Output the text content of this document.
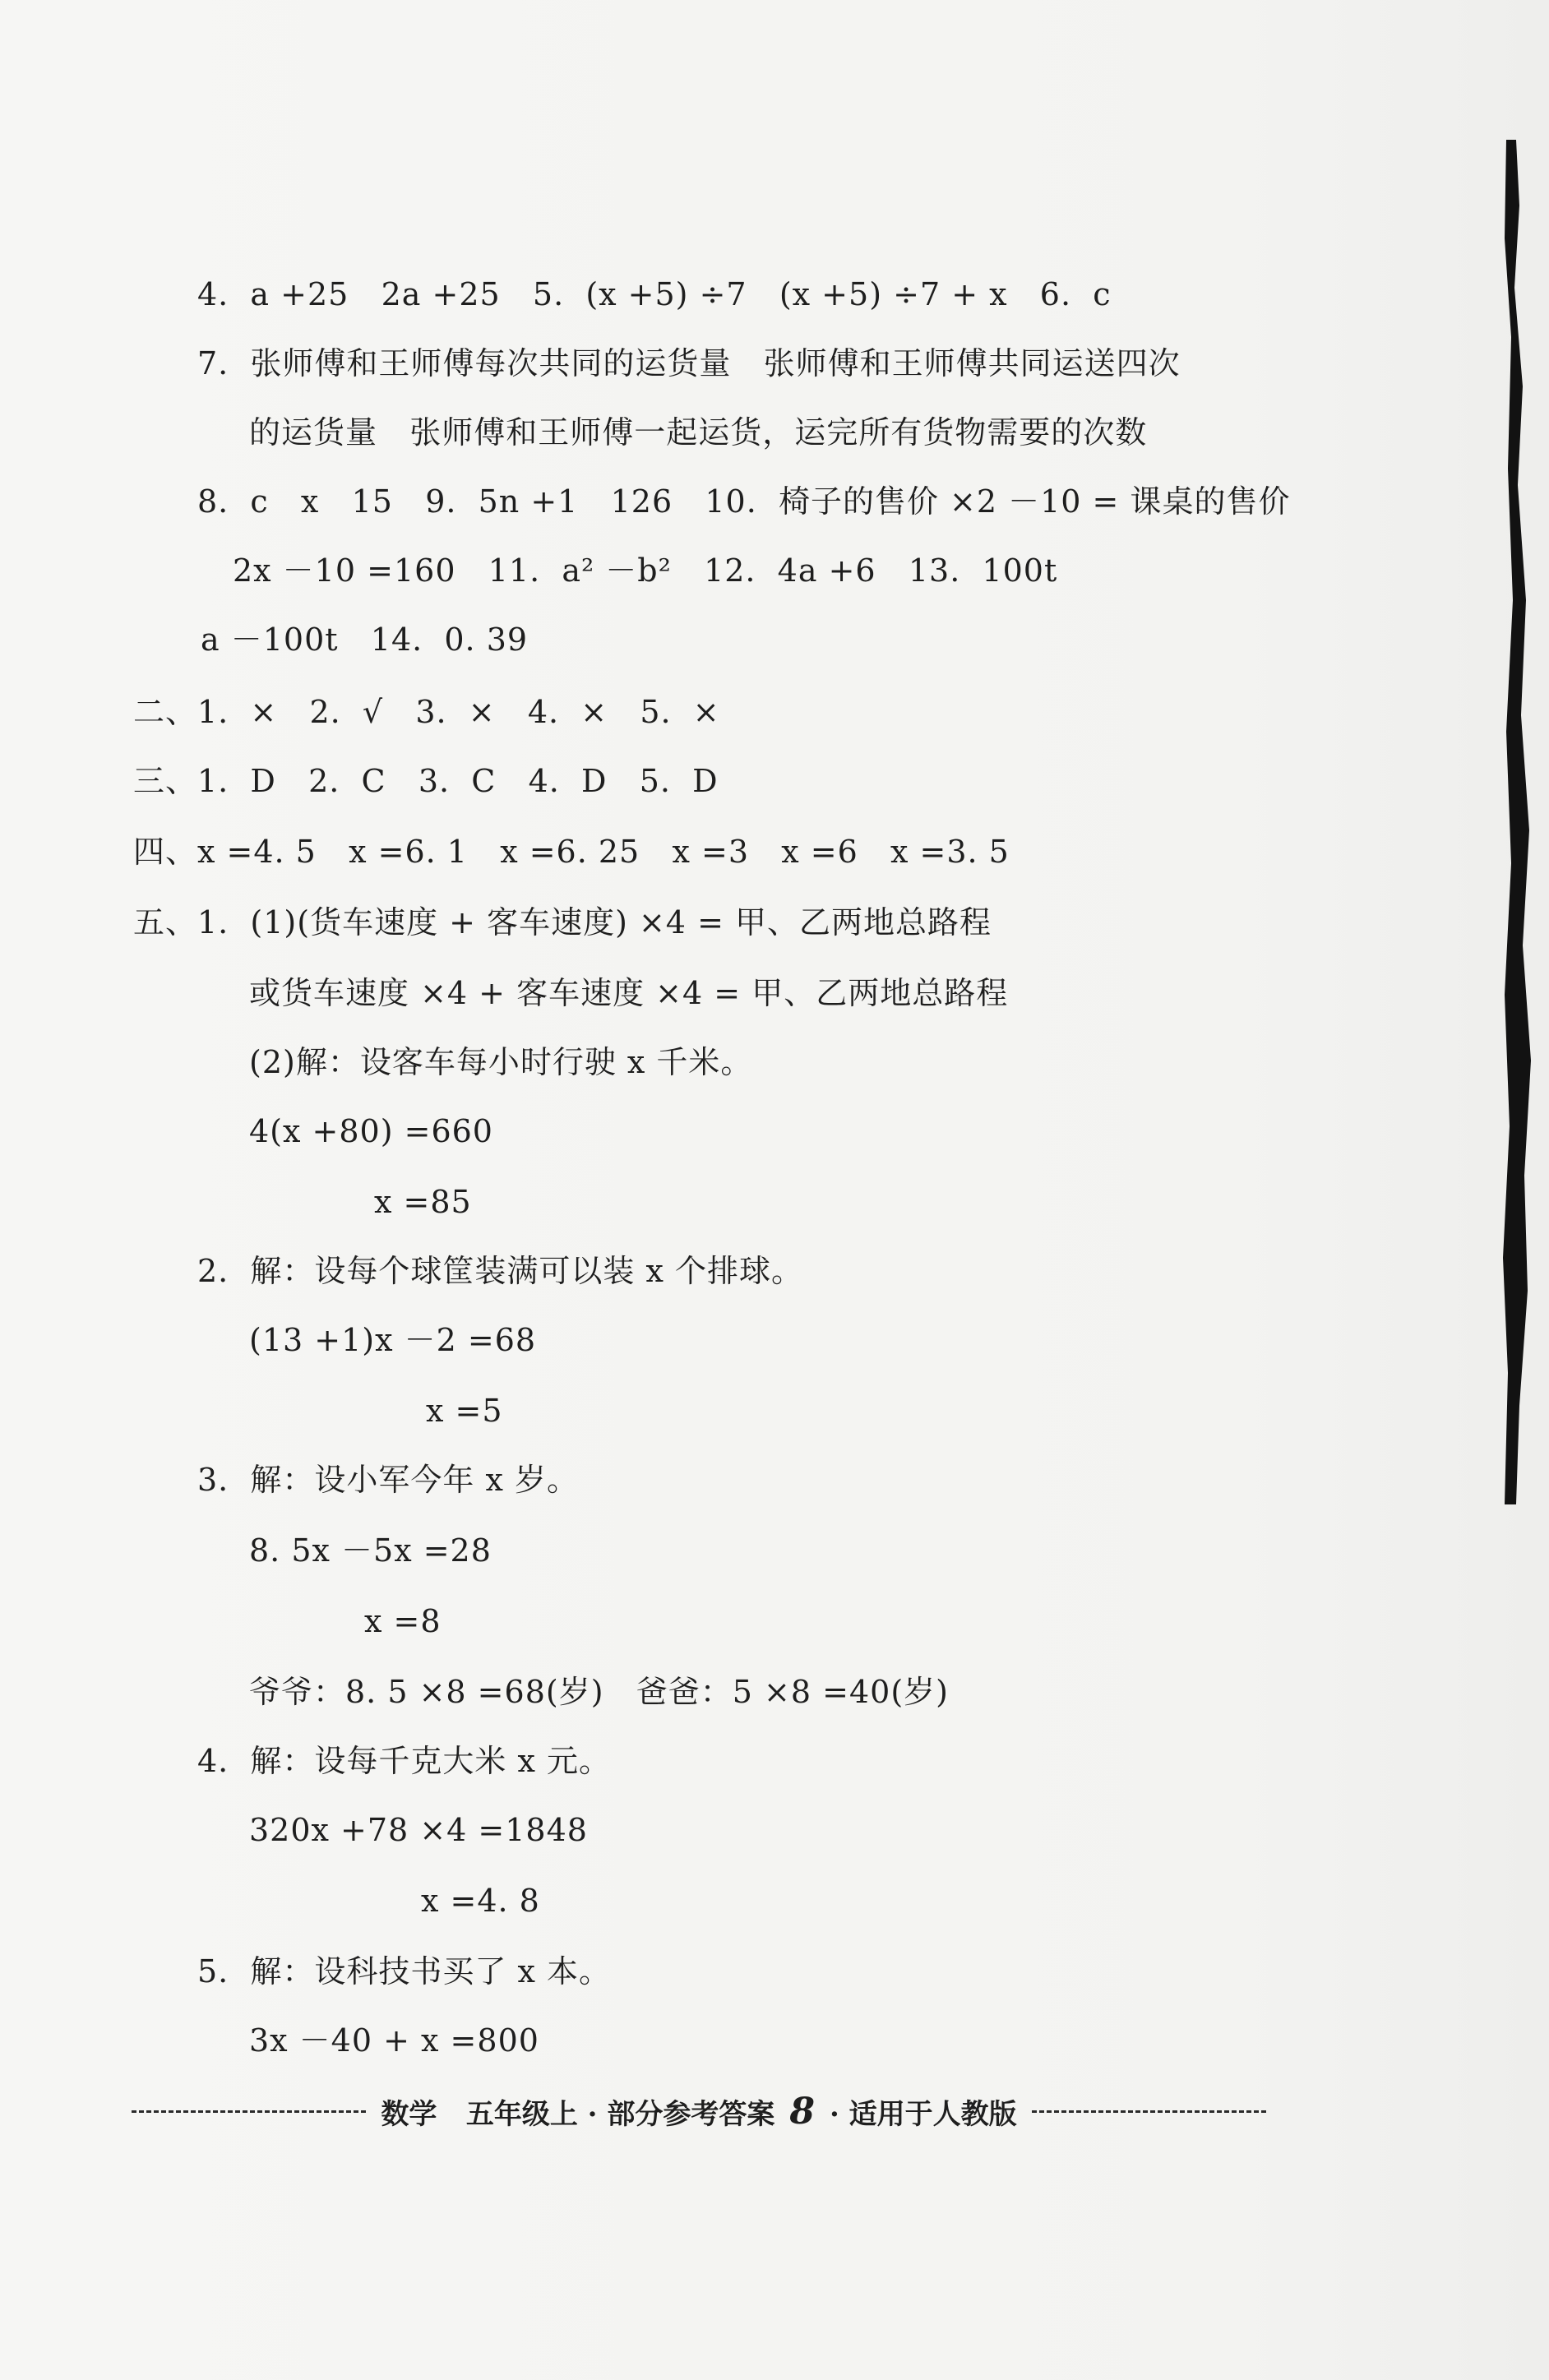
4.  a +25   2a +25   5.  (x +5) ÷7   (x +5) ÷7 + x   6.  c
7.  张师傅和王师傅每次共同的运货量   张师傅和王师傅共同运送四次
的运货量   张师傅和王师傅一起运货，运完所有货物需要的次数
8.  c   x   15   9.  5n +1   126   10.  椅子的售价 ×2 －10 = 课桌的售价
2x －10 =160   11.  a² －b²   12.  4a +6   13.  100t
a －100t   14.  0. 39
二、1.  ×   2.  √   3.  ×   4.  ×   5.  ×
三、1.  D   2.  C   3.  C   4.  D   5.  D
四、x =4. 5   x =6. 1   x =6. 25   x =3   x =6   x =3. 5
五、1.  (1)(货车速度 + 客车速度) ×4 = 甲、乙两地总路程
或货车速度 ×4 + 客车速度 ×4 = 甲、乙两地总路程
(2)解：设客车每小时行驶 x 千米。
4(x +80) =660
x =85
2.  解：设每个球筐装满可以装 x 个排球。
(13 +1)x －2 =68
x =5
3.  解：设小军今年 x 岁。
8. 5x －5x =28
x =8
爷爷：8. 5 ×8 =68(岁)   爸爸：5 ×8 =40(岁)
4.  解：设每千克大米 x 元。
320x +78 ×4 =1848
x =4. 8
5.  解：设科技书买了 x 本。
3x －40 + x =800
数学   五年级上 · 部分参考答案 8 · 适用于人教版
